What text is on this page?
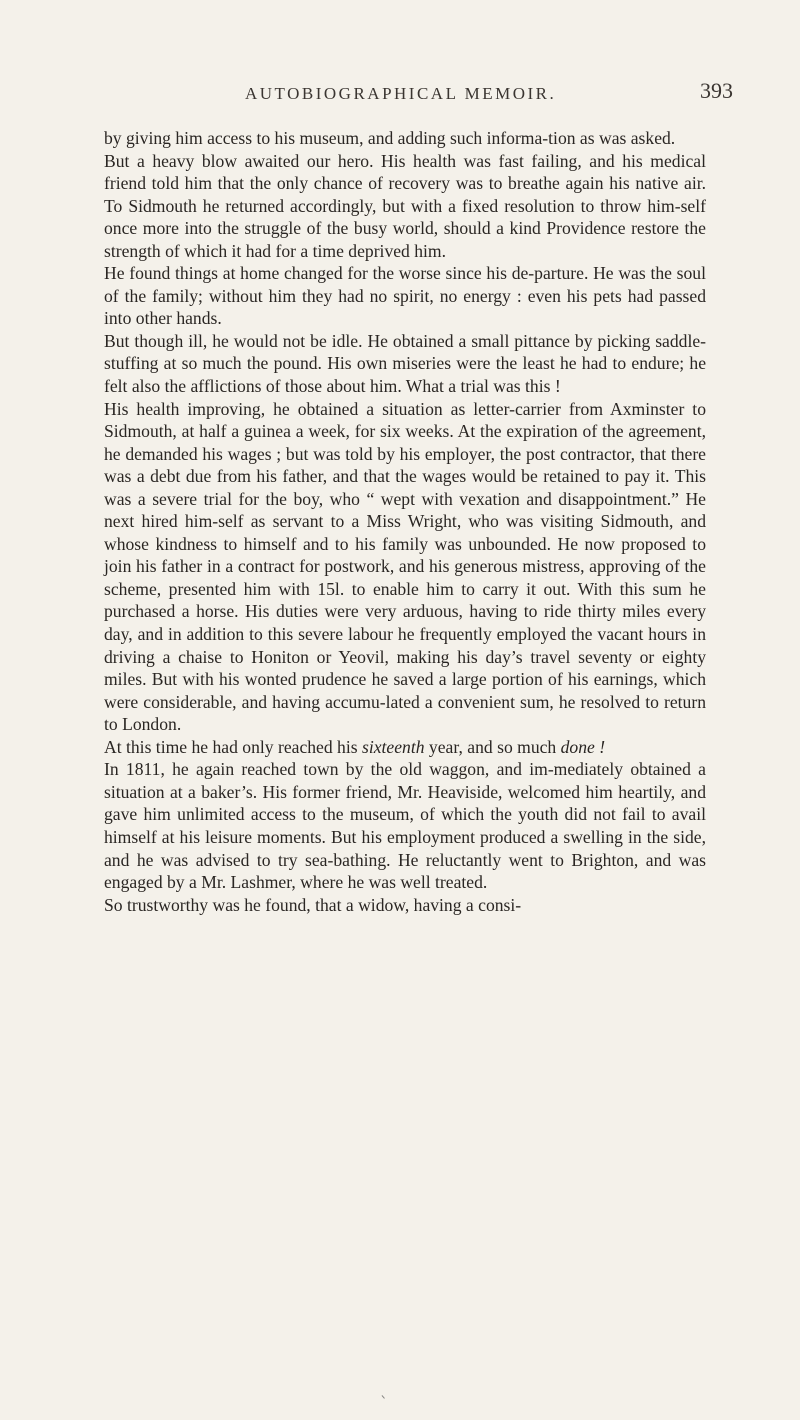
AUTOBIOGRAPHICAL MEMOIR.	393

by giving him access to his museum, and adding such informa-tion as was asked.

But a heavy blow awaited our hero. His health was fast failing, and his medical friend told him that the only chance of recovery was to breathe again his native air. To Sidmouth he returned accordingly, but with a fixed resolution to throw him-self once more into the struggle of the busy world, should a kind Providence restore the strength of which it had for a time deprived him.

He found things at home changed for the worse since his de-parture. He was the soul of the family; without him they had no spirit, no energy : even his pets had passed into other hands.

But though ill, he would not be idle. He obtained a small pittance by picking saddle-stuffing at so much the pound. His own miseries were the least he had to endure; he felt also the afflictions of those about him. What a trial was this !

His health improving, he obtained a situation as letter-carrier from Axminster to Sidmouth, at half a guinea a week, for six weeks. At the expiration of the agreement, he demanded his wages ; but was told by his employer, the post contractor, that there was a debt due from his father, and that the wages would be retained to pay it. This was a severe trial for the boy, who “ wept with vexation and disappointment.” He next hired him-self as servant to a Miss Wright, who was visiting Sidmouth, and whose kindness to himself and to his family was unbounded. He now proposed to join his father in a contract for postwork, and his generous mistress, approving of the scheme, presented him with 15l. to enable him to carry it out. With this sum he purchased a horse. His duties were very arduous, having to ride thirty miles every day, and in addition to this severe labour he frequently employed the vacant hours in driving a chaise to Honiton or Yeovil, making his day’s travel seventy or eighty miles. But with his wonted prudence he saved a large portion of his earnings, which were considerable, and having accumu-lated a convenient sum, he resolved to return to London.

At this time he had only reached his sixteenth year, and so much done !

In 1811, he again reached town by the old waggon, and im-mediately obtained a situation at a baker’s. His former friend, Mr. Heaviside, welcomed him heartily, and gave him unlimited access to the museum, of which the youth did not fail to avail himself at his leisure moments. But his employment produced a swelling in the side, and he was advised to try sea-bathing. He reluctantly went to Brighton, and was engaged by a Mr. Lashmer, where he was well treated.

So trustworthy was he found, that a widow, having a consi-
